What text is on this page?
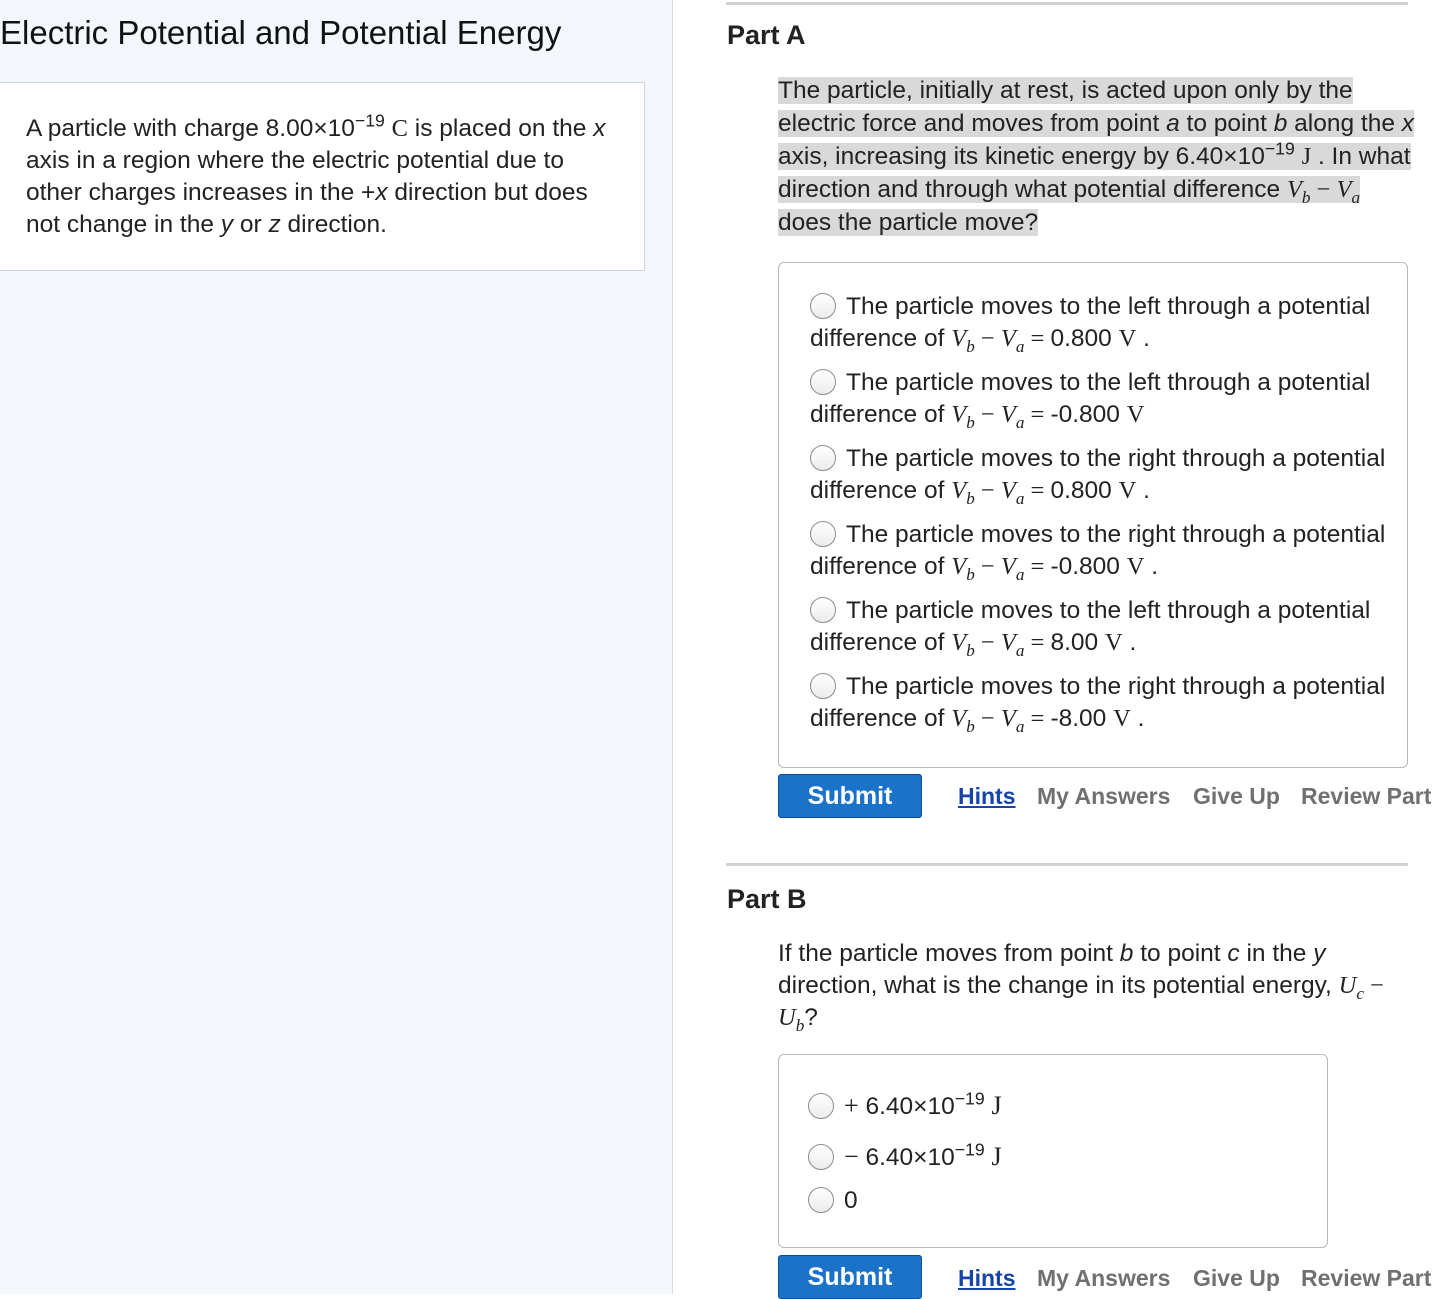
Electric Potential and Potential Energy
A particle with charge $8.00\times 10^{-19}$ C is placed on the x axis in a region where the electric potential due to other charges increases in the +x direction but does not change in the y or z direction.
Part A
The particle, initially at rest, is acted upon only by the electric force and moves from point a to point b along the x axis, increasing its kinetic energy by $6.40\times 10^{-19}$ J . In what direction and through what potential difference $V_b - V_a$ does the particle move?
The particle moves to the left through a potential difference of $V_b - V_a = 0.800$ V .
The particle moves to the left through a potential difference of $V_b - V_a = -0.800$ V
The particle moves to the right through a potential difference of $V_b - V_a = 0.800$ V .
The particle moves to the right through a potential difference of $V_b - V_a = -0.800$ V .
The particle moves to the left through a potential difference of $V_b - V_a = 8.00$ V .
The particle moves to the right through a potential difference of $V_b - V_a = -8.00$ V .
Submit	Hints My Answers Give Up Review Part
Part B
If the particle moves from point b to point c in the y direction, what is the change in its potential energy, $U_c - U_b$?
+ $6.40\times 10^{-19}$ J
− $6.40\times 10^{-19}$ J
0
Submit	Hints My Answers Give Up Review Part
